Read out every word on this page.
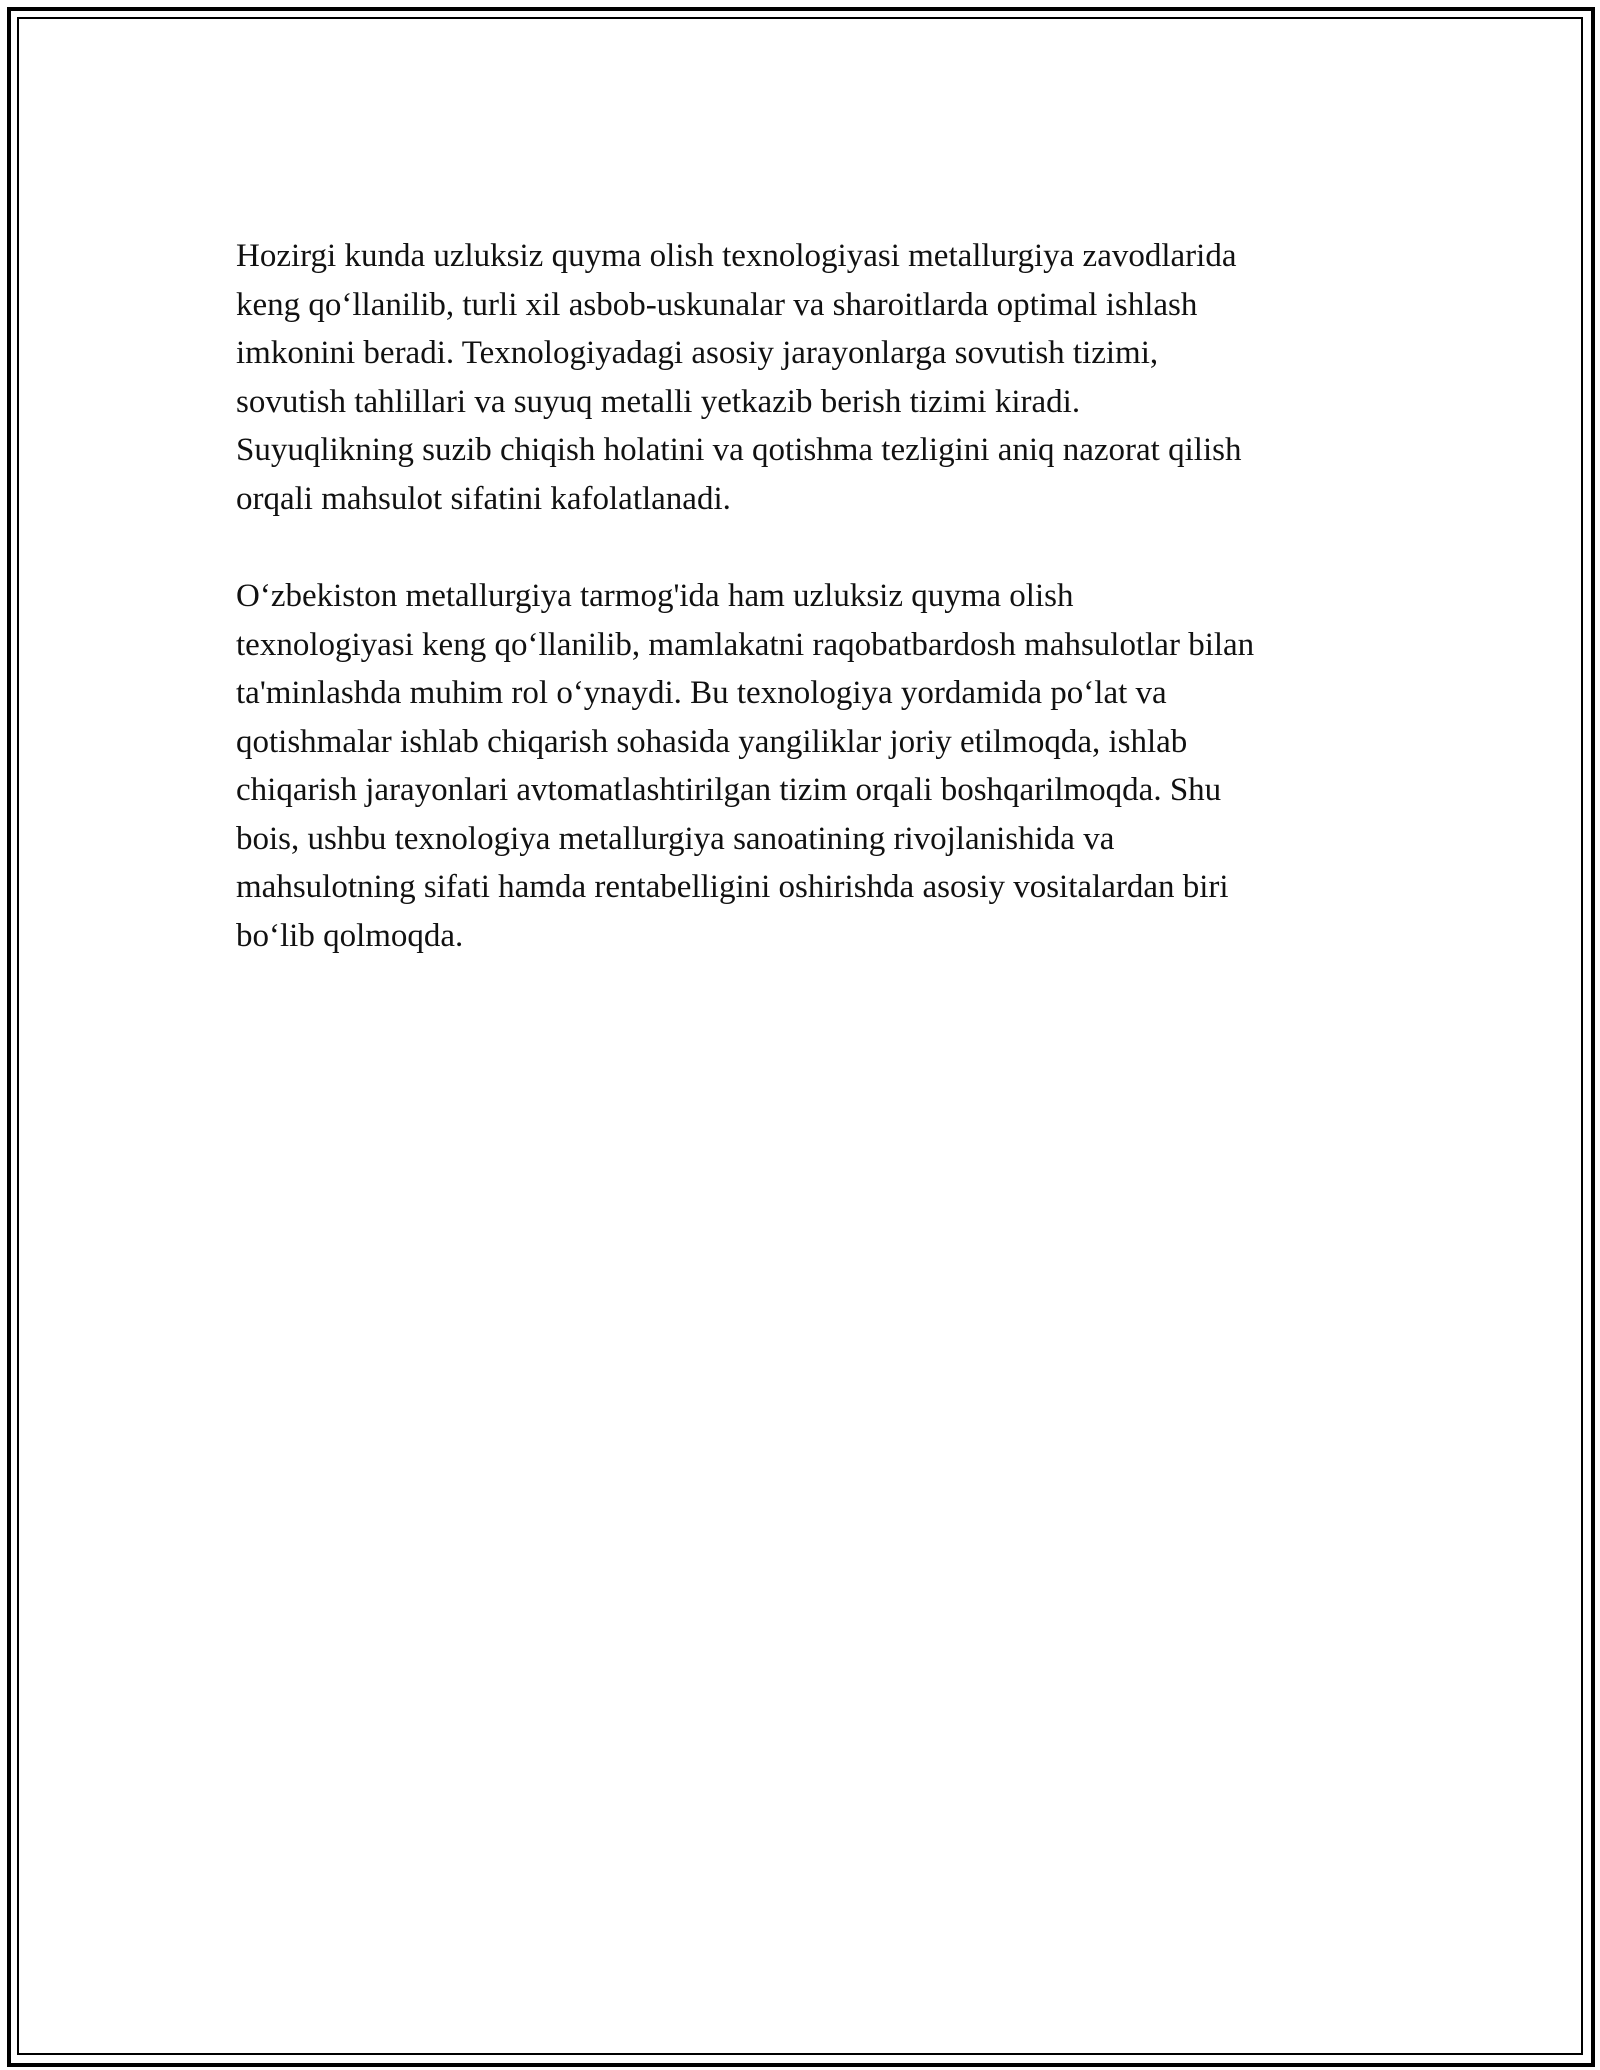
Hozirgi kunda uzluksiz quyma olish texnologiyasi metallurgiya zavodlarida
keng qo‘llanilib, turli xil asbob-uskunalar va sharoitlarda optimal ishlash
imkonini beradi. Texnologiyadagi asosiy jarayonlarga sovutish tizimi,
sovutish tahlillari va suyuq metalli yetkazib berish tizimi kiradi.
Suyuqlikning suzib chiqish holatini va qotishma tezligini aniq nazorat qilish
orqali mahsulot sifatini kafolatlanadi.

O‘zbekiston metallurgiya tarmog'ida ham uzluksiz quyma olish
texnologiyasi keng qo‘llanilib, mamlakatni raqobatbardosh mahsulotlar bilan
ta'minlashda muhim rol o‘ynaydi. Bu texnologiya yordamida po‘lat va
qotishmalar ishlab chiqarish sohasida yangiliklar joriy etilmoqda, ishlab
chiqarish jarayonlari avtomatlashtirilgan tizim orqali boshqarilmoqda. Shu
bois, ushbu texnologiya metallurgiya sanoatining rivojlanishida va
mahsulotning sifati hamda rentabelligini oshirishda asosiy vositalardan biri
bo‘lib qolmoqda.
